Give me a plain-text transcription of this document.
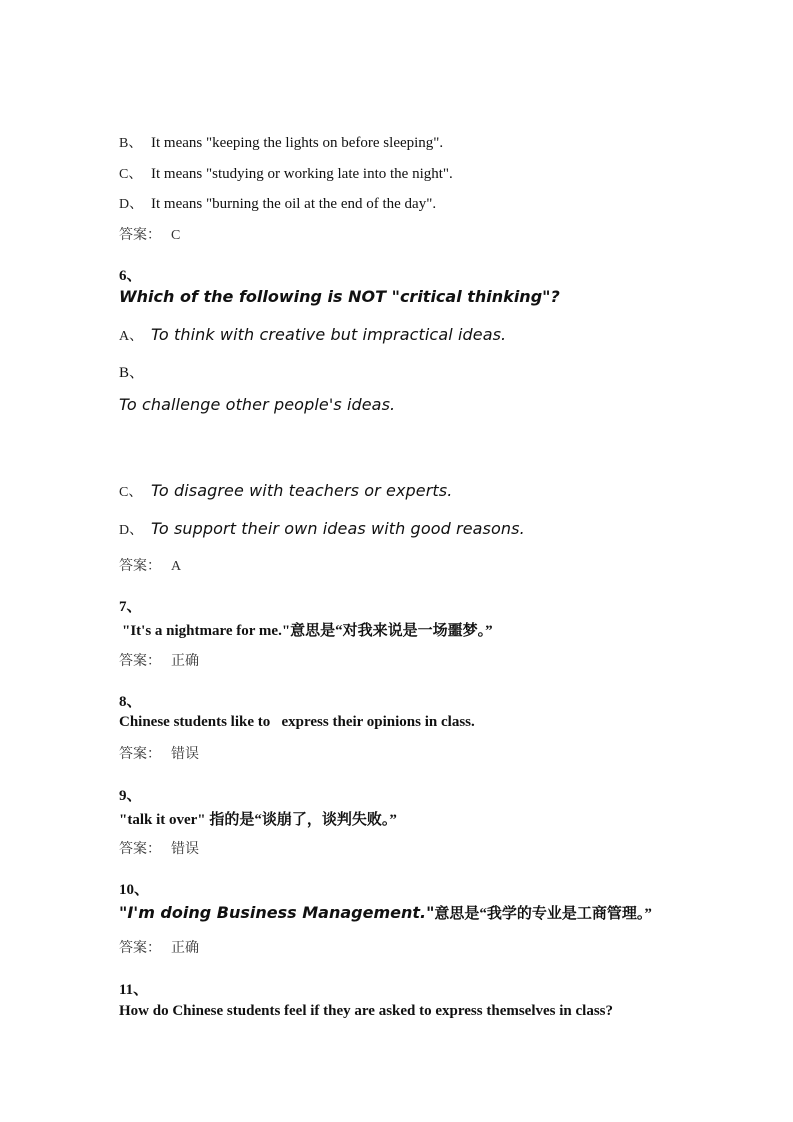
B、 It means "keeping the lights on before sleeping".
C、 It means "studying or working late into the night".
D、 It means "burning the oil at the end of the day".
答案： C
6、
Which of the following is NOT "critical thinking"?
A、 To think with creative but impractical ideas.
B、
To challenge other people's ideas.
C、 To disagree with teachers or experts.
D、 To support their own ideas with good reasons.
答案： A
7、
"It's a nightmare for me."意思是“对我来说是一场噩梦。”
答案： 正确
8、
Chinese students like to   express their opinions in class.
答案： 错误
9、
"talk it over" 指的是“谈崩了，谈判失败。”
答案： 错误
10、
"I'm doing Business Management."意思是“我学的专业是工商管理。”
答案： 正确
11、
How do Chinese students feel if they are asked to express themselves in class?
